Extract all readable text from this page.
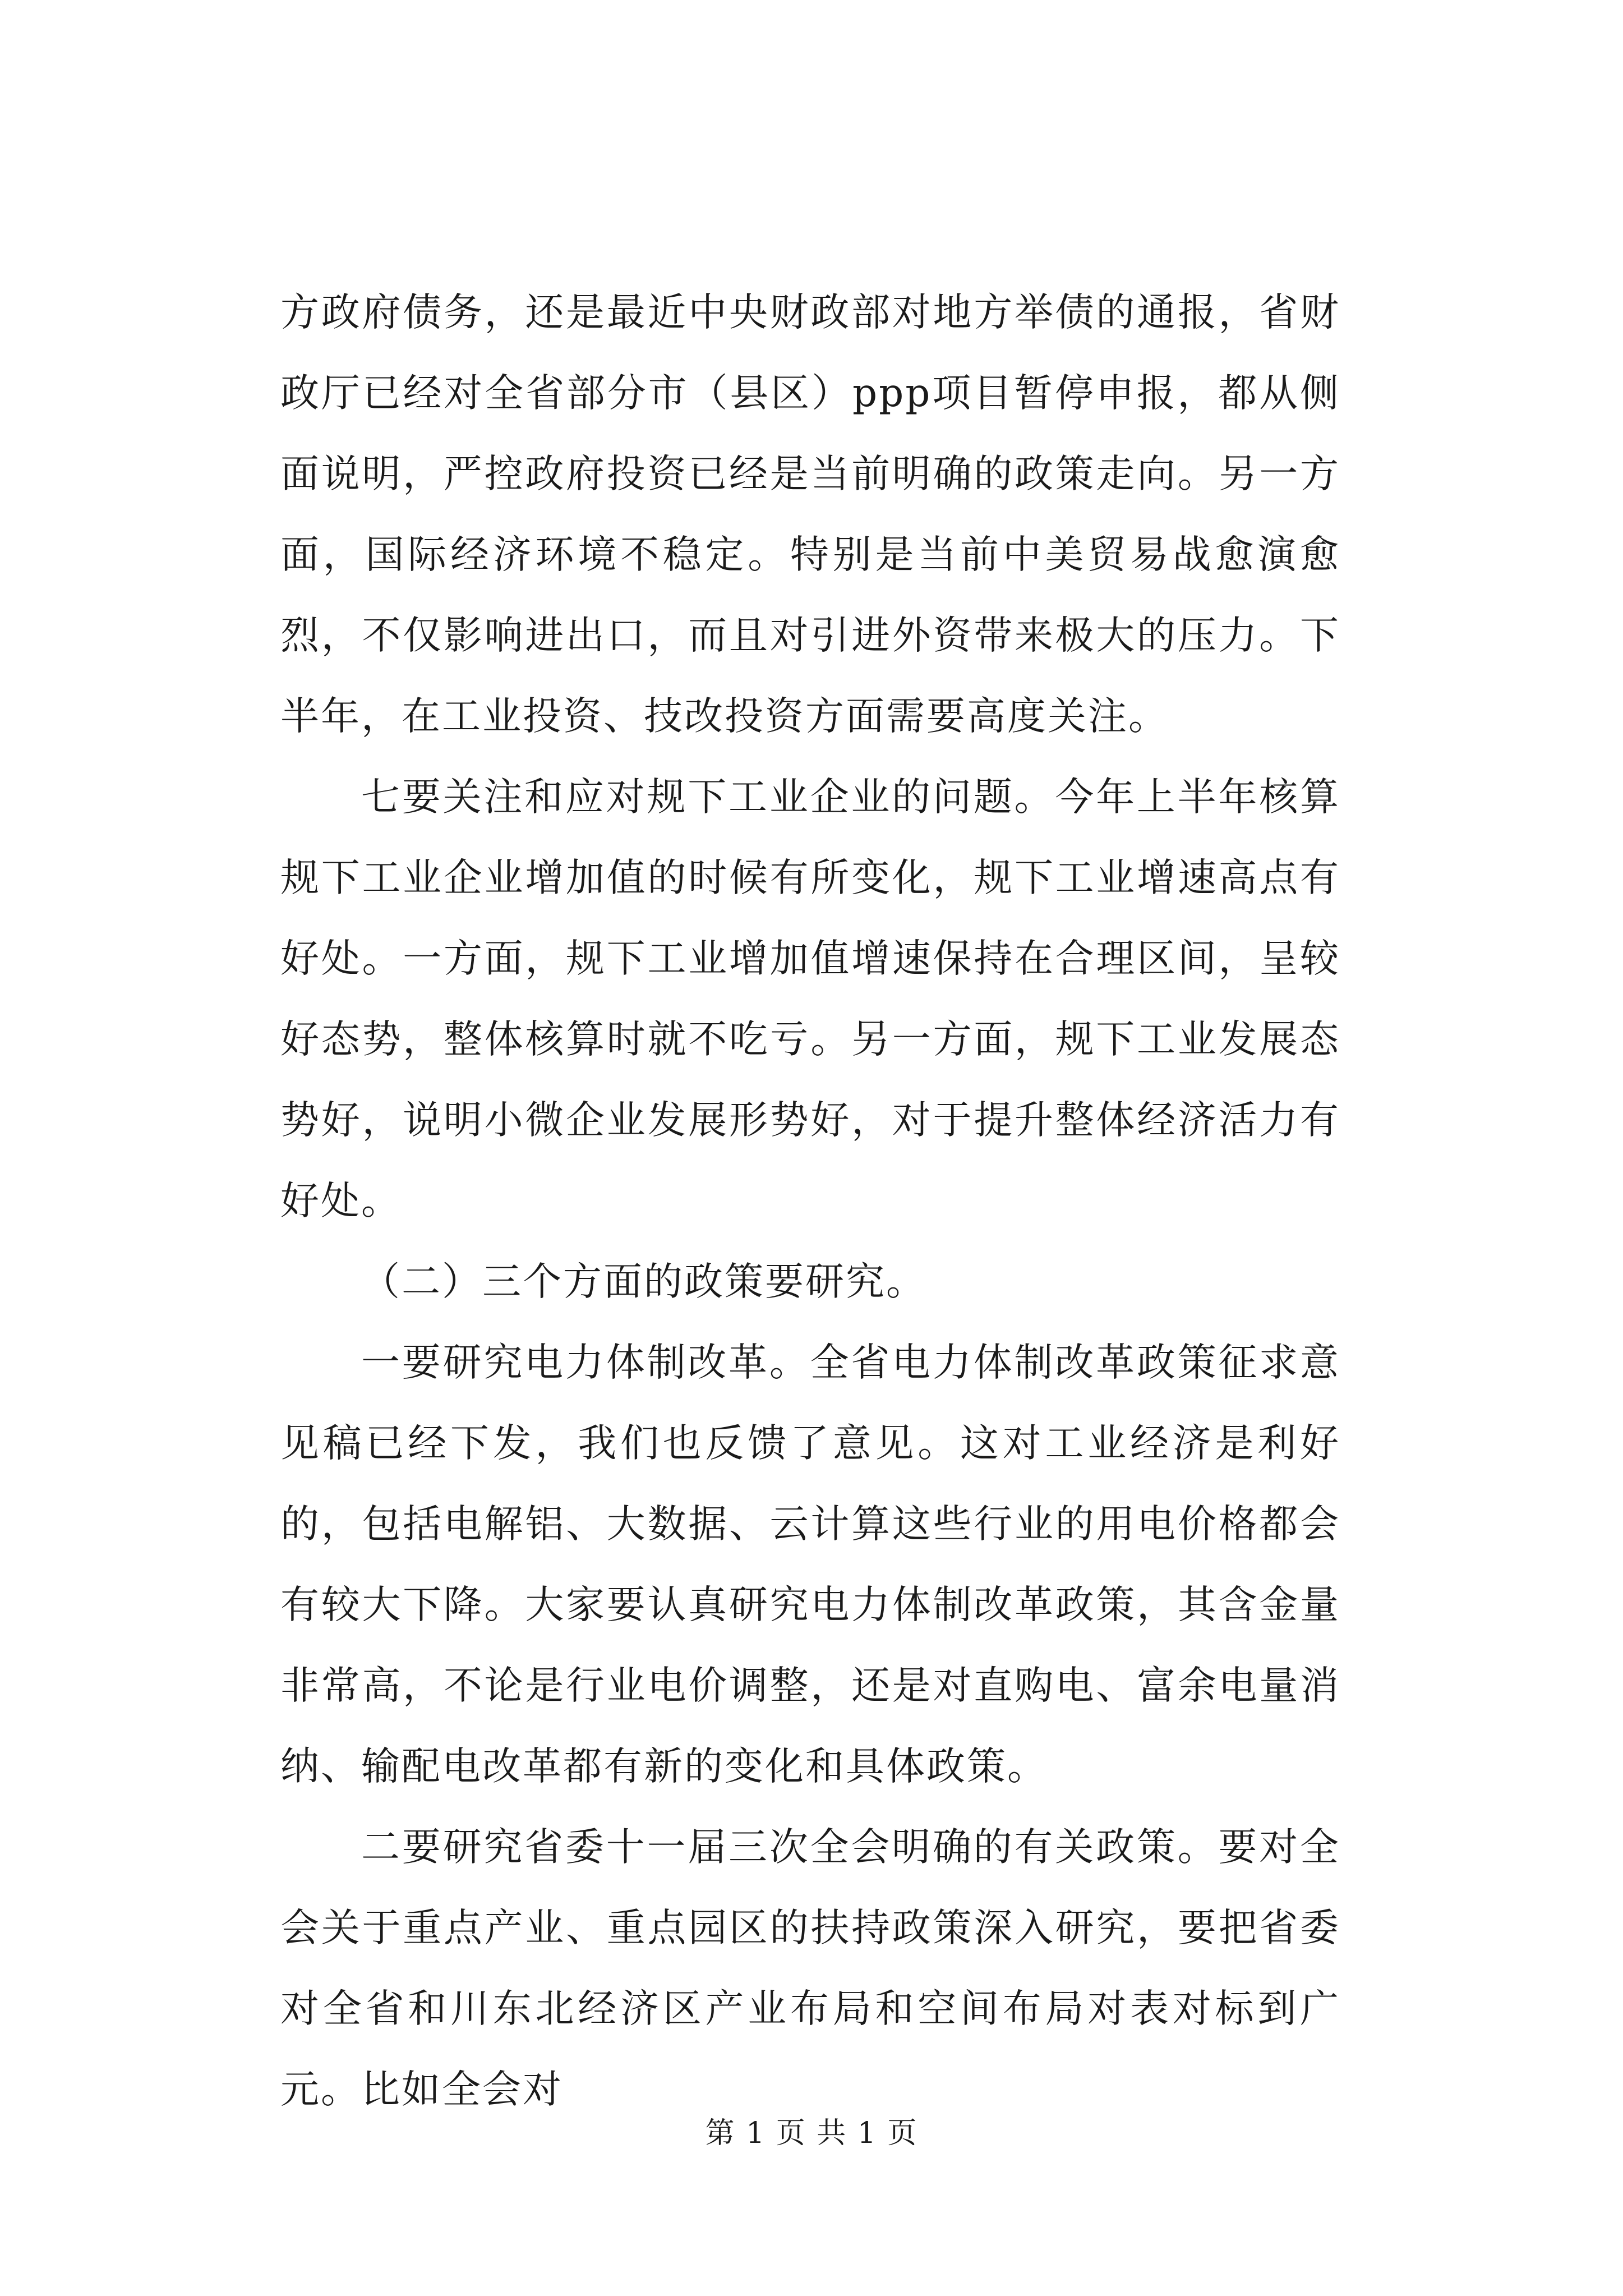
方政府债务，还是最近中央财政部对地方举债的通报，省财政厅已经对全省部分市（县区）ppp项目暂停申报，都从侧面说明，严控政府投资已经是当前明确的政策走向。另一方面，国际经济环境不稳定。特别是当前中美贸易战愈演愈烈，不仅影响进出口，而且对引进外资带来极大的压力。下半年，在工业投资、技改投资方面需要高度关注。

七要关注和应对规下工业企业的问题。今年上半年核算规下工业企业增加值的时候有所变化，规下工业增速高点有好处。一方面，规下工业增加值增速保持在合理区间，呈较好态势，整体核算时就不吃亏。另一方面，规下工业发展态势好，说明小微企业发展形势好，对于提升整体经济活力有好处。

（二）三个方面的政策要研究。

一要研究电力体制改革。全省电力体制改革政策征求意见稿已经下发，我们也反馈了意见。这对工业经济是利好的，包括电解铝、大数据、云计算这些行业的用电价格都会有较大下降。大家要认真研究电力体制改革政策，其含金量非常高，不论是行业电价调整，还是对直购电、富余电量消纳、输配电改革都有新的变化和具体政策。

二要研究省委十一届三次全会明确的有关政策。要对全会关于重点产业、重点园区的扶持政策深入研究，要把省委对全省和川东北经济区产业布局和空间布局对表对标到广元。比如全会对

第 1 页 共 1 页
